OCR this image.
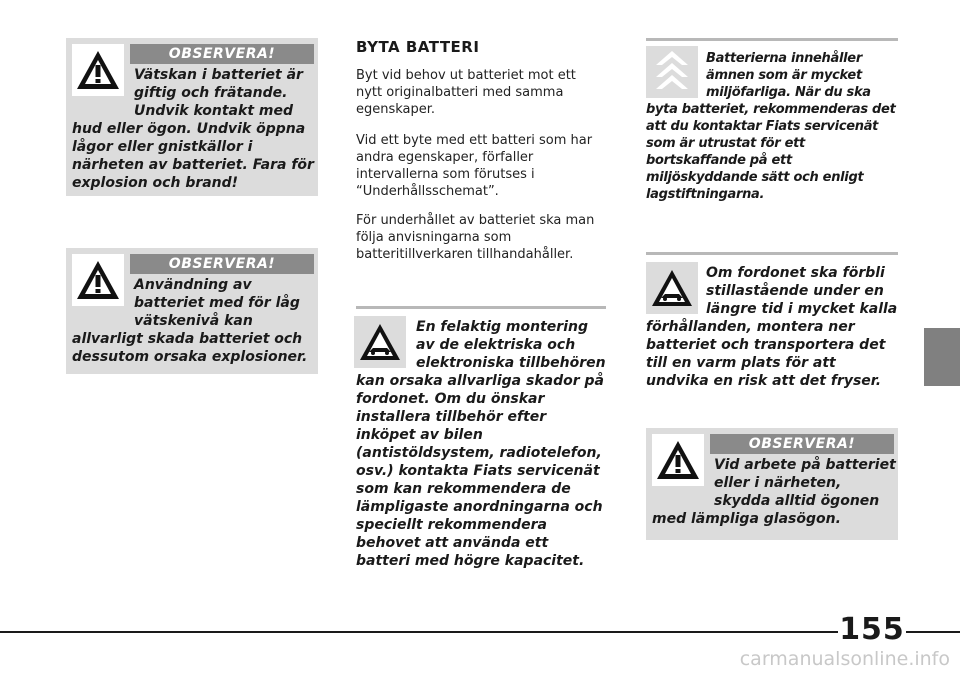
OBSERVERA!

Vätskan i batteriet är giftig och frätande. Undvik kontakt med hud eller ögon. Undvik öppna lågor eller gnistkällor i närheten av batteriet. Fara för explosion och brand!

OBSERVERA!

Användning av batteriet med för låg vätskenivå kan allvarligt skada batteriet och dessutom orsaka explosioner.

BYTA BATTERI

Byt vid behov ut batteriet mot ett nytt originalbatteri med samma egenskaper.

Vid ett byte med ett batteri som har andra egenskaper, förfaller intervallerna som förutses i “Underhållsschemat”.

För underhållet av batteriet ska man följa anvisningarna som batteritillverkaren tillhandahåller.

En felaktig montering av de elektriska och elektroniska tillbehören kan orsaka allvarliga skador på fordonet. Om du önskar installera tillbehör efter inköpet av bilen (antistöldsystem, radiotelefon, osv.) kontakta Fiats servicenät som kan rekommendera de lämpligaste anordningarna och speciellt rekommendera behovet att använda ett batteri med högre kapacitet.

Batterierna innehåller ämnen som är mycket miljöfarliga. När du ska byta batteriet, rekommenderas det att du kontaktar Fiats servicenät som är utrustat för ett bortskaffande på ett miljöskyddande sätt och enligt lagstiftningarna.

Om fordonet ska förbli stillastående under en längre tid i mycket kalla förhållanden, montera ner batteriet och transportera det till en varm plats för att undvika en risk att det fryser.

OBSERVERA!

Vid arbete på batteriet eller i närheten, skydda alltid ögonen med lämpliga glasögon.

155
carmanualsonline.info
